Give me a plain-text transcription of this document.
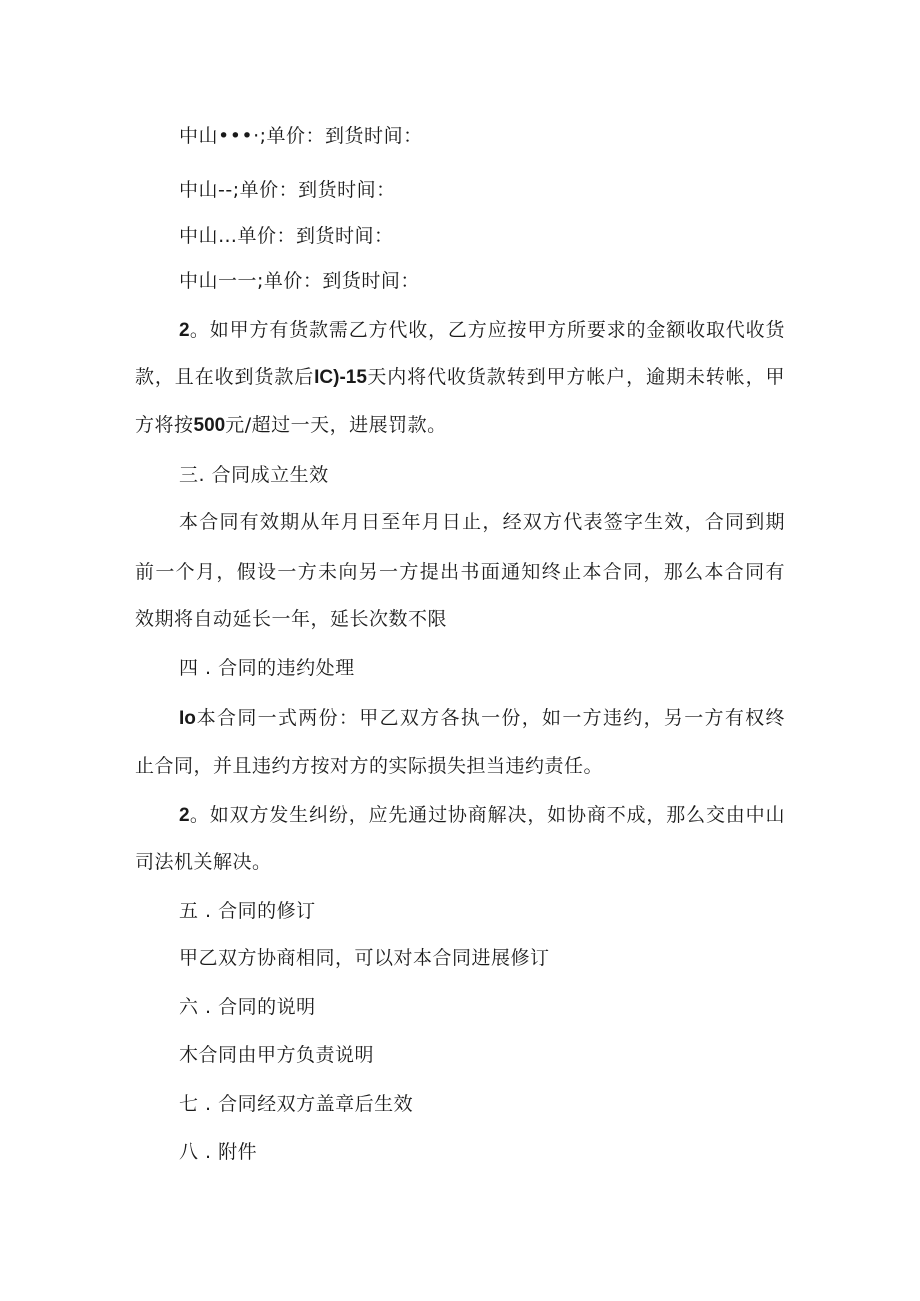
中山•••·;单价：到货时间：
中山--;单价：到货时间：
中山…单价：到货时间：
中山一一;单价：到货时间：
2。如甲方有货款需乙方代收，乙方应按甲方所要求的金额收取代收货
款，且在收到货款后IC)-15天内将代收货款转到甲方帐户，逾期未转帐，甲
方将按500元/超过一天，进展罚款。
三. 合同成立生效
本合同有效期从年月日至年月日止，经双方代表签字生效，合同到期
前一个月，假设一方未向另一方提出书面通知终止本合同，那么本合同有
效期将自动延长一年，延长次数不限
四 . 合同的违约处理
Io本合同一式两份：甲乙双方各执一份，如一方违约，另一方有权终
止合同，并且违约方按对方的实际损失担当违约责任。
2。如双方发生纠纷，应先通过协商解决，如协商不成，那么交由中山
司法机关解决。
五 . 合同的修订
甲乙双方协商相同，可以对本合同进展修订
六 . 合同的说明
木合同由甲方负责说明
七 . 合同经双方盖章后生效
八 . 附件
